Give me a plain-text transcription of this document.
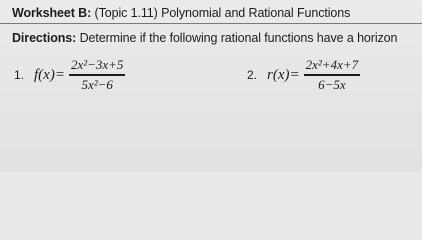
Worksheet B: (Topic 1.11) Polynomial and Rational Functions
Directions: Determine if the following rational functions have a horizon
1. $f(x)= \frac{\text{2x²−3x+5}}{\text{5x²−6}}$	2. $r(x)= \frac{\text{2x²+4x+7}}{6-5x}$
